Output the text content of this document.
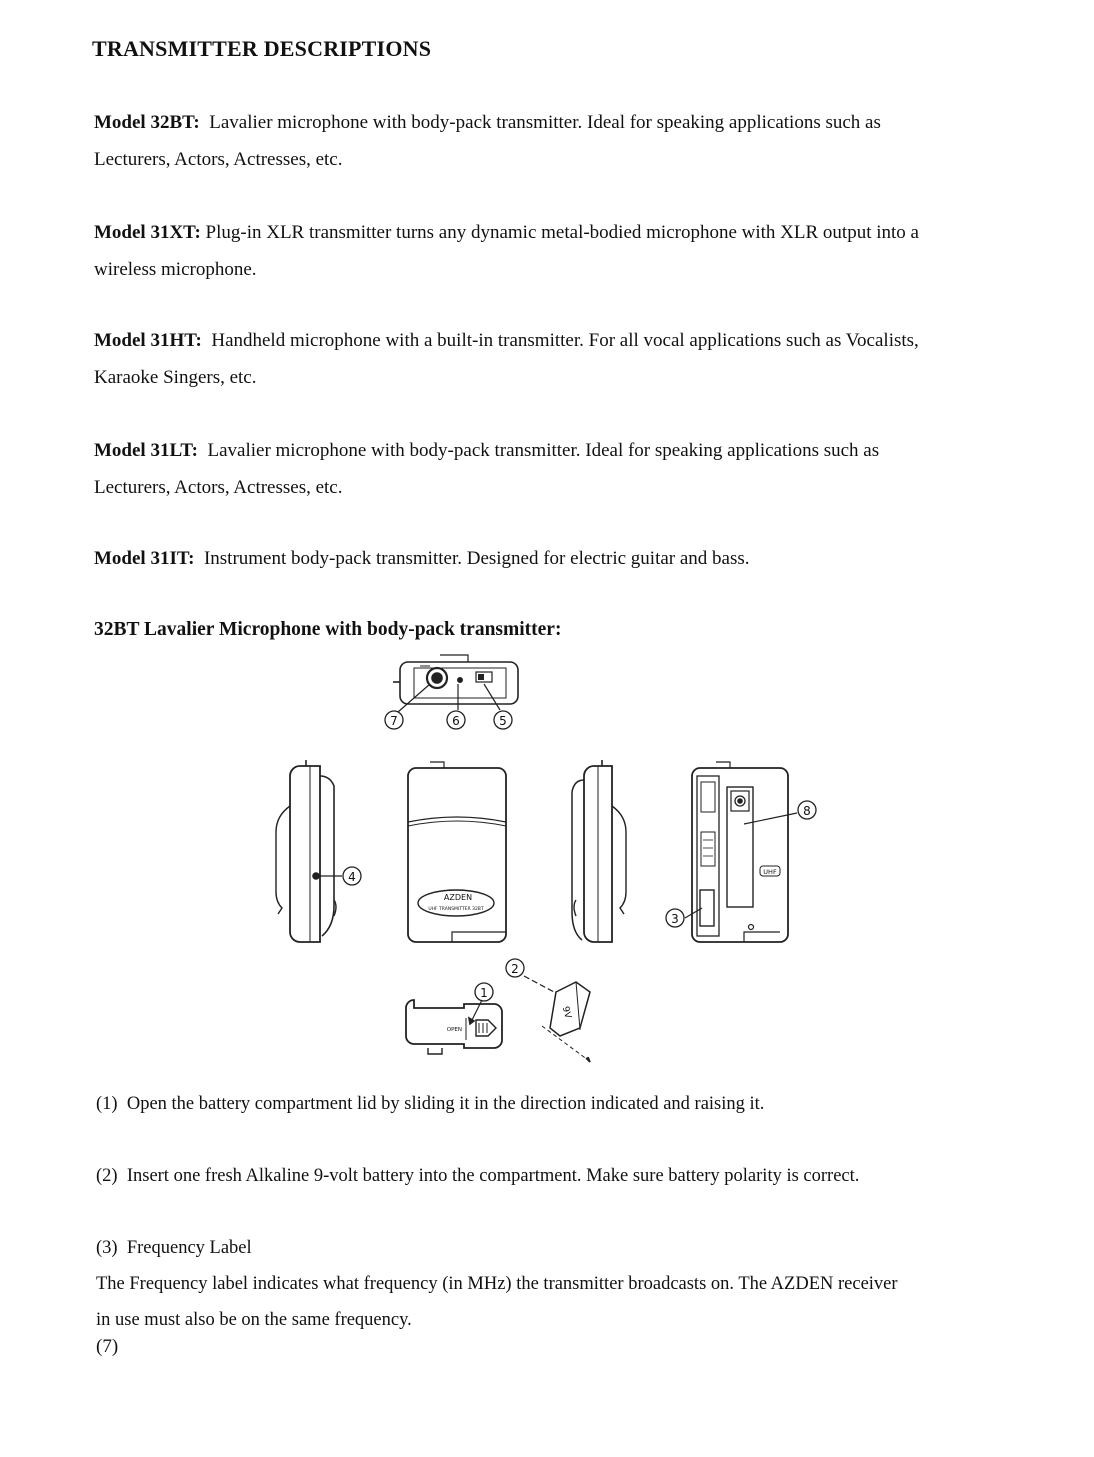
TRANSMITTER DESCRIPTIONS
Model 32BT: Lavalier microphone with body-pack transmitter. Ideal for speaking applications such as
Lecturers, Actors, Actresses, etc.
Model 31XT: Plug-in XLR transmitter turns any dynamic metal-bodied microphone with XLR output into a
wireless microphone.
Model 31HT: Handheld microphone with a built-in transmitter. For all vocal applications such as Vocalists,
Karaoke Singers, etc.
Model 31LT: Lavalier microphone with body-pack transmitter. Ideal for speaking applications such as
Lecturers, Actors, Actresses, etc.
Model 31IT: Instrument body-pack transmitter. Designed for electric guitar and bass.
32BT Lavalier Microphone with body-pack transmitter:
7	6	5
4
AZDEN
UHF TRANSMITTER 32BT
UHF
8
3
OPEN
1
9V
2
(1) Open the battery compartment lid by sliding it in the direction indicated and raising it.
(2) Insert one fresh Alkaline 9-volt battery into the compartment. Make sure battery polarity is correct.
(3) Frequency Label
The Frequency label indicates what frequency (in MHz) the transmitter broadcasts on. The AZDEN receiver
in use must also be on the same frequency.
(7)
